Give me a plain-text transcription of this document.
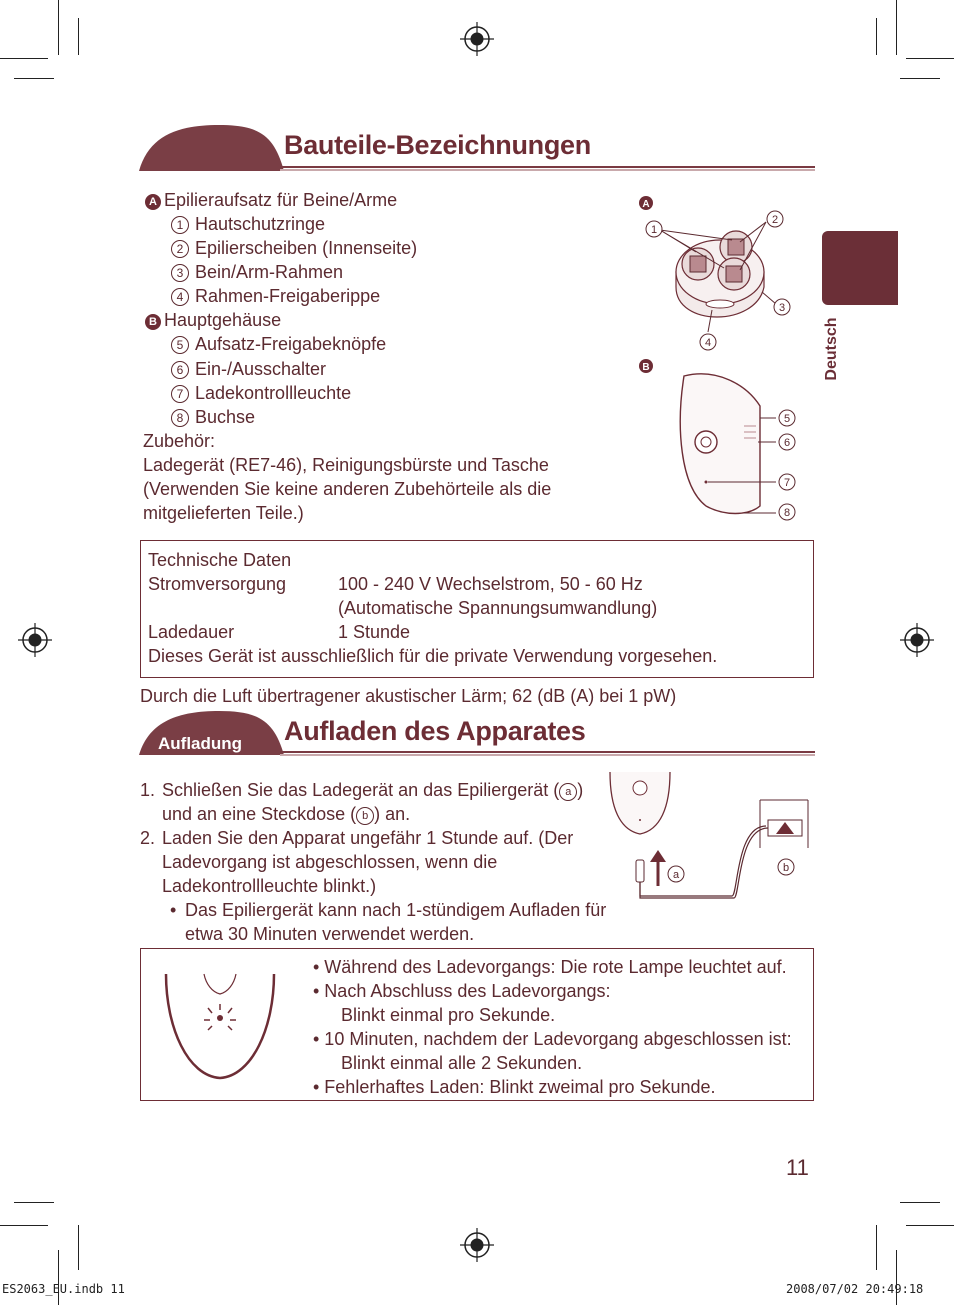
Bauteile-Bezeichnungen
Deutsch
A Epilieraufsatz für Beine/Arme
1 Hautschutzringe
2 Epilierscheiben (Innenseite)
3 Bein/Arm-Rahmen
4 Rahmen-Freigaberippe
B Hauptgehäuse
5 Aufsatz-Freigabeknöpfe
6 Ein-/Ausschalter
7 Ladekontrollleuchte
8 Buchse
Zubehör:
Ladegerät (RE7-46), Reinigungsbürste und Tasche
(Verwenden Sie keine anderen Zubehörteile als die
mitgelieferten Teile.)
A
1
2
3
4
B
5
6
7
8
Technische Daten
Stromversorgung	100 - 240 V Wechselstrom, 50 - 60 Hz
(Automatische Spannungsumwandlung)
Ladedauer	1 Stunde
Dieses Gerät ist ausschließlich für die private Verwendung vorgesehen.
Durch die Luft übertragener akustischer Lärm; 62 (dB (A) bei 1 pW)
Aufladung Aufladen des Apparates
1. Schließen Sie das Ladegerät an das Epiliergerät ( a )
und an eine Steckdose ( b ) an.
2. Laden Sie den Apparat ungefähr 1 Stunde auf. (Der
Ladevorgang ist abgeschlossen, wenn die
Ladekontrollleuchte blinkt.)
• Das Epiliergerät kann nach 1-stündigem Aufladen für
etwa 30 Minuten verwendet werden.
a
b
• Während des Ladevorgangs: Die rote Lampe leuchtet auf.
• Nach Abschluss des Ladevorgangs:
Blinkt einmal pro Sekunde.
• 10 Minuten, nachdem der Ladevorgang abgeschlossen ist:
Blinkt einmal alle 2 Sekunden.
• Fehlerhaftes Laden: Blinkt zweimal pro Sekunde.
11
ES2063_EU.indb 11	2008/07/02 20:49:18
